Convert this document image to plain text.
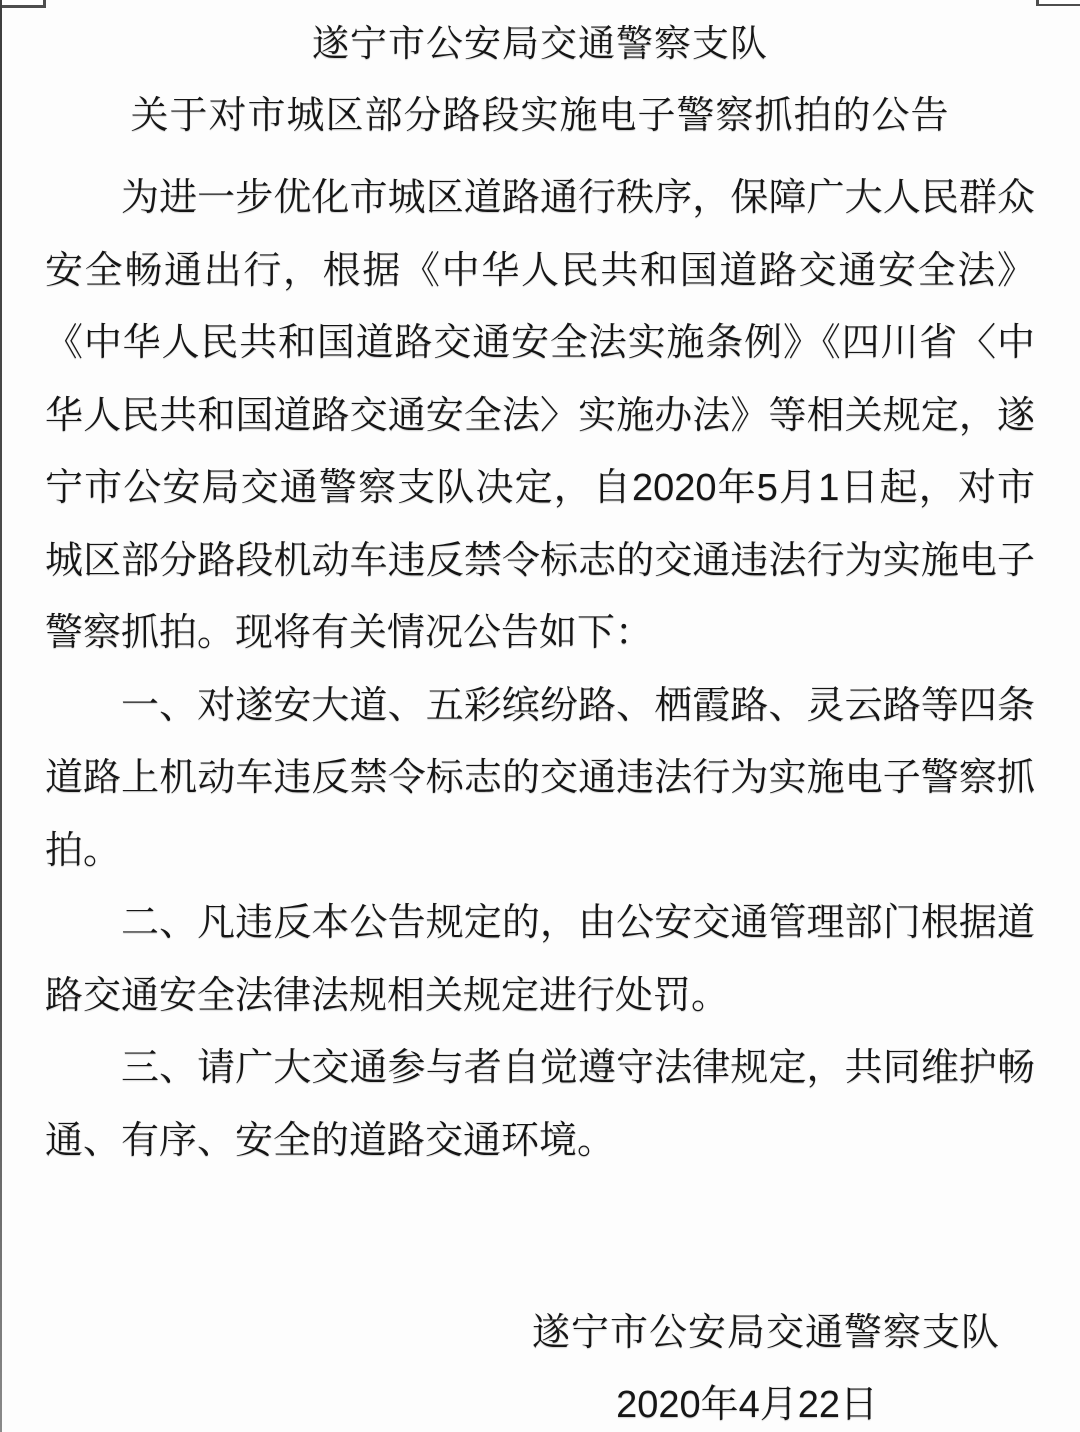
遂宁市公安局交通警察支队
关于对市城区部分路段实施电子警察抓拍的公告

为进一步优化市城区道路通行秩序，保障广大人民群众安全畅通出行，根据《中华人民共和国道路交通安全法》《中华人民共和国道路交通安全法实施条例》《四川省〈中华人民共和国道路交通安全法〉实施办法》等相关规定，遂宁市公安局交通警察支队决定，自2020年5月1日起，对市城区部分路段机动车违反禁令标志的交通违法行为实施电子警察抓拍。现将有关情况公告如下：

一、对遂安大道、五彩缤纷路、栖霞路、灵云路等四条道路上机动车违反禁令标志的交通违法行为实施电子警察抓拍。

二、凡违反本公告规定的，由公安交通管理部门根据道路交通安全法律法规相关规定进行处罚。

三、请广大交通参与者自觉遵守法律规定，共同维护畅通、有序、安全的道路交通环境。

遂宁市公安局交通警察支队
2020年4月22日
